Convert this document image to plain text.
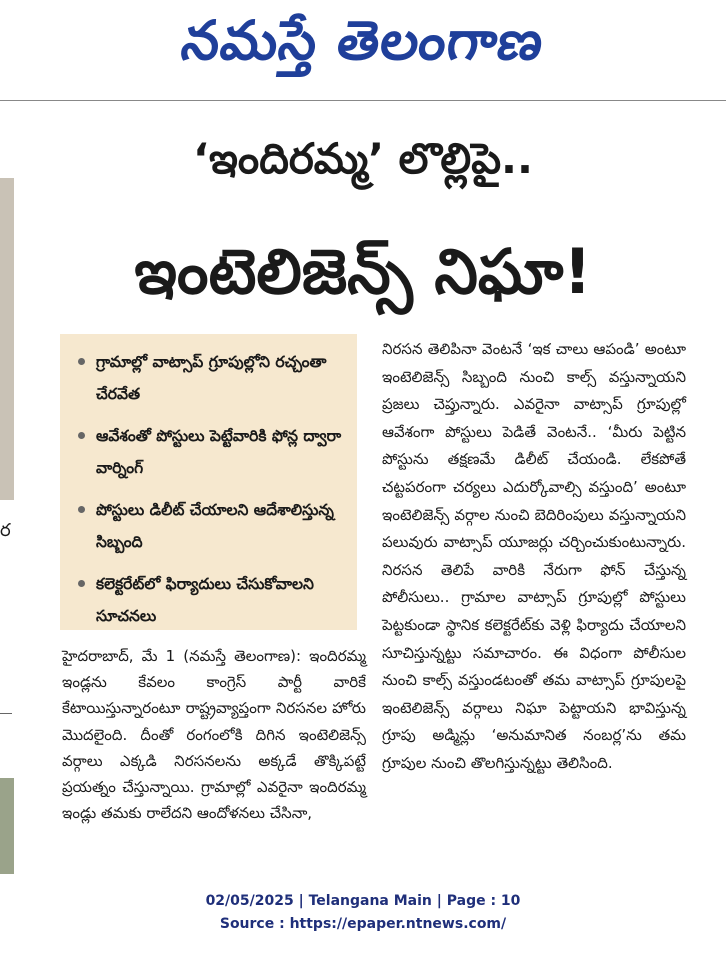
నమస్తే తెలంగాణ
ర
‘ఇందిరమ్మ’ లొల్లిపై..
ఇంటెలిజెన్స్ నిఘా!
గ్రామాల్లో వాట్సాప్ గ్రూపుల్లోని రచ్చంతా చేరవేత
ఆవేశంతో పోస్టులు పెట్టేవారికి ఫోన్ల ద్వారా వార్నింగ్
పోస్టులు డిలీట్ చేయాలని ఆదేశాలిస్తున్న సిబ్బంది
కలెక్టరేట్‌లో ఫిర్యాదులు చేసుకోవాలని సూచనలు

హైదరాబాద్, మే 1 (నమస్తే తెలంగాణ): ఇందిరమ్మ ఇండ్లను కేవలం కాంగ్రెస్ పార్టీ వారికే కేటాయిస్తున్నారంటూ రాష్ట్రవ్యాప్తంగా నిరసనల హోరు మొదలైంది. దీంతో రంగంలోకి దిగిన ఇంటెలిజెన్స్ వర్గాలు ఎక్కడి నిరసనలను అక్కడే తొక్కిపట్టే ప్రయత్నం చేస్తున్నాయి. గ్రామాల్లో ఎవరైనా ఇందిరమ్మ ఇండ్లు తమకు రాలేదని ఆందోళనలు చేసినా,

నిరసన తెలిపినా వెంటనే ‘ఇక చాలు ఆపండి’ అంటూ ఇంటెలిజెన్స్ సిబ్బంది నుంచి కాల్స్ వస్తున్నాయని ప్రజలు చెప్తున్నారు. ఎవరైనా వాట్సాప్ గ్రూపుల్లో ఆవేశంగా పోస్టులు పెడితే వెంటనే.. ‘మీరు పెట్టిన పోస్టును తక్షణమే డిలీట్ చేయండి. లేకపోతే చట్టపరంగా చర్యలు ఎదుర్కోవాల్సి వస్తుంది’ అంటూ ఇంటెలిజెన్స్ వర్గాల నుంచి బెదిరింపులు వస్తున్నాయని పలువురు వాట్సాప్ యూజర్లు చర్చించుకుంటున్నారు. నిరసన తెలిపే వారికి నేరుగా ఫోన్ చేస్తున్న పోలీసులు.. గ్రామాల వాట్సాప్ గ్రూపుల్లో పోస్టులు పెట్టకుండా స్థానిక కలెక్టరేట్‌కు వెళ్లి ఫిర్యాదు చేయాలని సూచిస్తున్నట్టు సమాచారం. ఈ విధంగా పోలీసుల నుంచి కాల్స్ వస్తుండటంతో తమ వాట్సాప్ గ్రూపులపై ఇంటెలిజెన్స్ వర్గాలు నిఘా పెట్టాయని భావిస్తున్న గ్రూపు అడ్మిన్లు ‘అనుమానిత నంబర్ల’ను తమ గ్రూపుల నుంచి తొలగిస్తున్నట్టు తెలిసింది.

02/05/2025 | Telangana Main | Page : 10
Source : https://epaper.ntnews.com/
